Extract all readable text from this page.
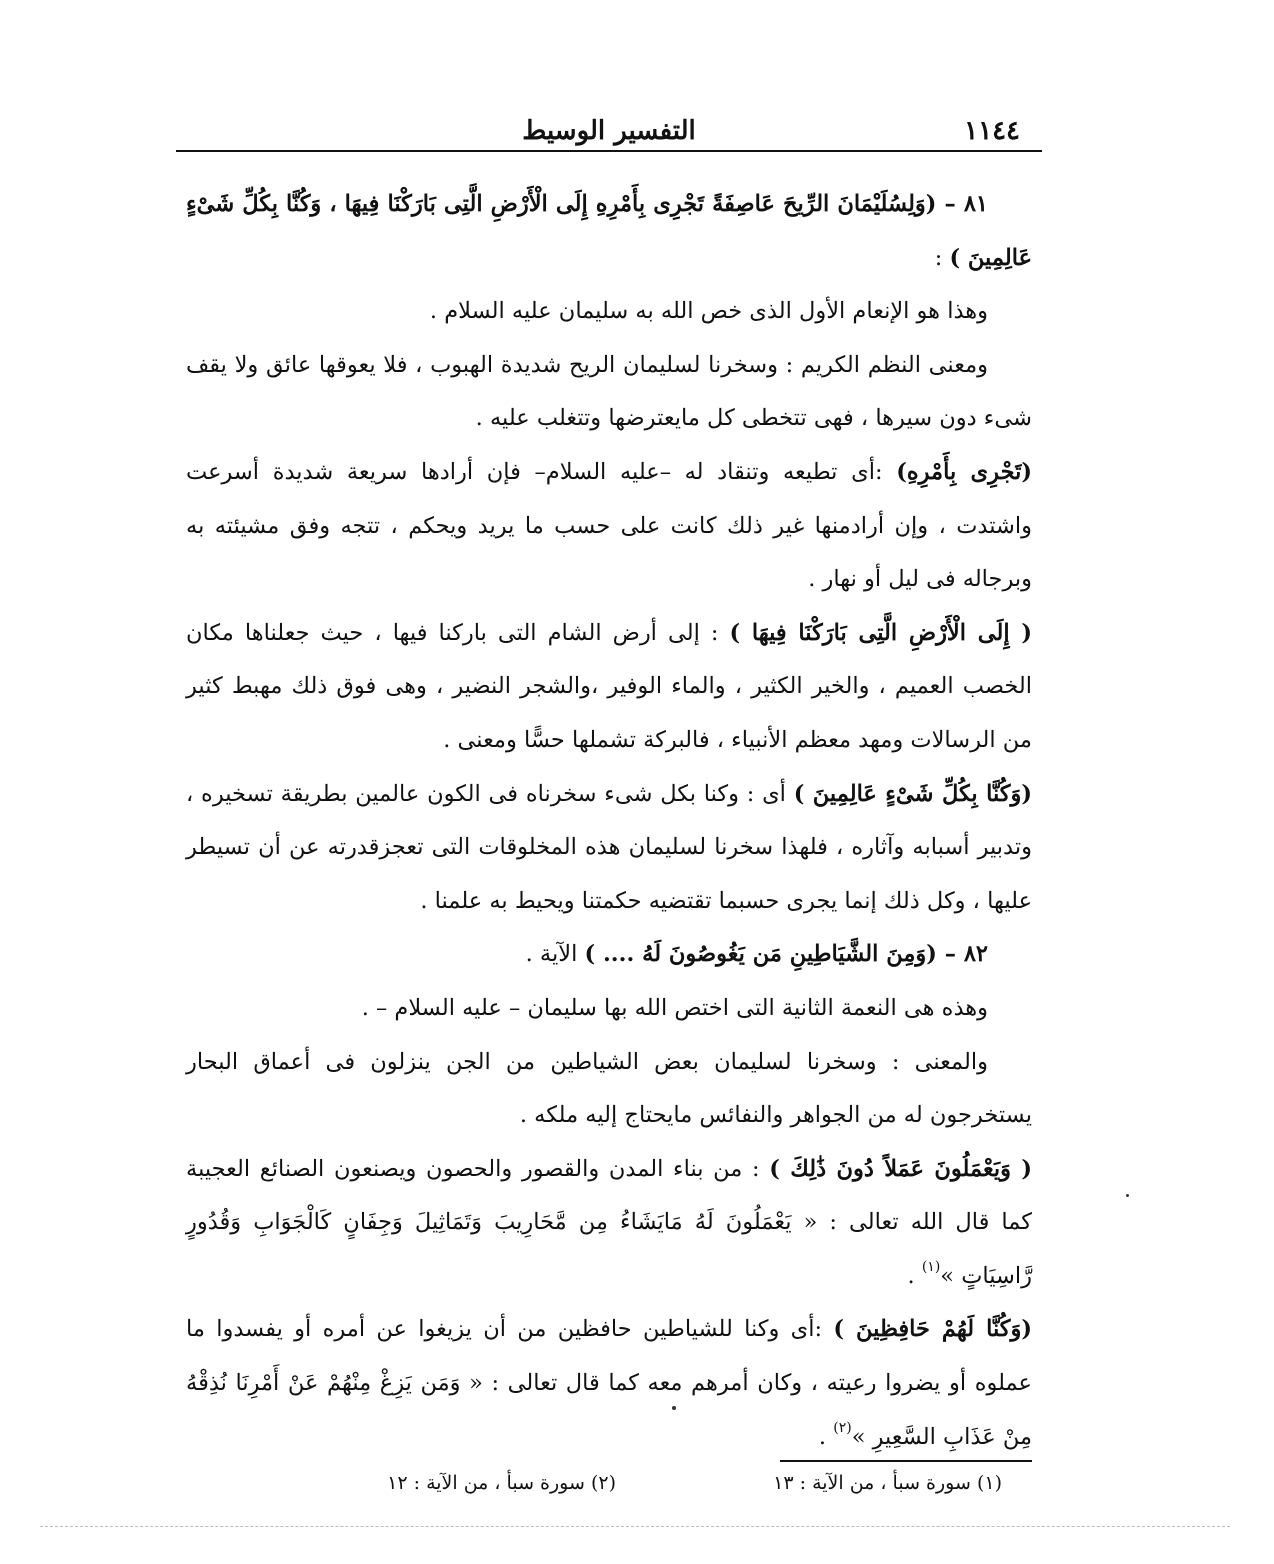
١١٤٤
التفسير الوسيط

٨١ – (وَلِسُلَيْمَانَ الرِّيحَ عَاصِفَةً تَجْرِى بِأَمْرِهِ إِلَى الْأَرْضِ الَّتِى بَارَكْنَا فِيهَا ، وَكُنَّا بِكُلِّ شَىْءٍ عَالِمِينَ ) :

وهذا هو الإنعام الأول الذى خص الله به سليمان عليه السلام .

ومعنى النظم الكريم : وسخرنا لسليمان الريح شديدة الهبوب ، فلا يعوقها عائق ولا يقف شىء دون سيرها ، فهى تتخطى كل مايعترضها وتتغلب عليه .

(تَجْرِى بِأَمْرِهِ) :أى تطيعه وتنقاد له –عليه السلام– فإن أرادها سريعة شديدة أسرعت واشتدت ، وإن أرادمنها غير ذلك كانت على حسب ما يريد ويحكم ، تتجه وفق مشيئته به وبرجاله فى ليل أو نهار .

( إِلَى الْأَرْضِ الَّتِى بَارَكْنَا فِيهَا ) : إلى أرض الشام التى باركنا فيها ، حيث جعلناها مكان الخصب العميم ، والخير الكثير ، والماء الوفير ،والشجر النضير ، وهى فوق ذلك مهبط كثير من الرسالات ومهد معظم الأنبياء ، فالبركة تشملها حسًّا ومعنى .

(وَكُنَّا بِكُلِّ شَىْءٍ عَالِمِينَ ) أى : وكنا بكل شىء سخرناه فى الكون عالمين بطريقة تسخيره ، وتدبير أسبابه وآثاره ، فلهذا سخرنا لسليمان هذه المخلوقات التى تعجزقدرته عن أن تسيطر عليها ، وكل ذلك إنما يجرى حسبما تقتضيه حكمتنا ويحيط به علمنا .

٨٢ – (وَمِنَ الشَّيَاطِينِ مَن يَغُوصُونَ لَهُ .... ) الآية .

وهذه هى النعمة الثانية التى اختص الله بها سليمان – عليه السلام – .

والمعنى : وسخرنا لسليمان بعض الشياطين من الجن ينزلون فى أعماق البحار يستخرجون له من الجواهر والنفائس مايحتاج إليه ملكه .

( وَيَعْمَلُونَ عَمَلاً دُونَ ذَٰلِكَ ) : من بناء المدن والقصور والحصون ويصنعون الصنائع العجيبة كما قال الله تعالى : « يَعْمَلُونَ لَهُ مَايَشَاءُ مِن مَّحَارِيبَ وَتَمَاثِيلَ وَجِفَانٍ كَالْجَوَابِ وَقُدُورٍ رَّاسِيَاتٍ »$^{(١)}$ .

(وَكُنَّا لَهُمْ حَافِظِينَ ) :أى وكنا للشياطين حافظين من أن يزيغوا عن أمره أو يفسدوا ما عملوه أو يضروا رعيته ، وكان أمرهم معه كما قال تعالى : « وَمَن يَزِغْ مِنْهُمْ عَنْ أَمْرِنَا نُذِقْهُ مِنْ عَذَابِ السَّعِيرِ »$^{(٢)}$ .

(١) سورة سبأ ، من الآية : ١٣
(٢) سورة سبأ ، من الآية : ١٢
